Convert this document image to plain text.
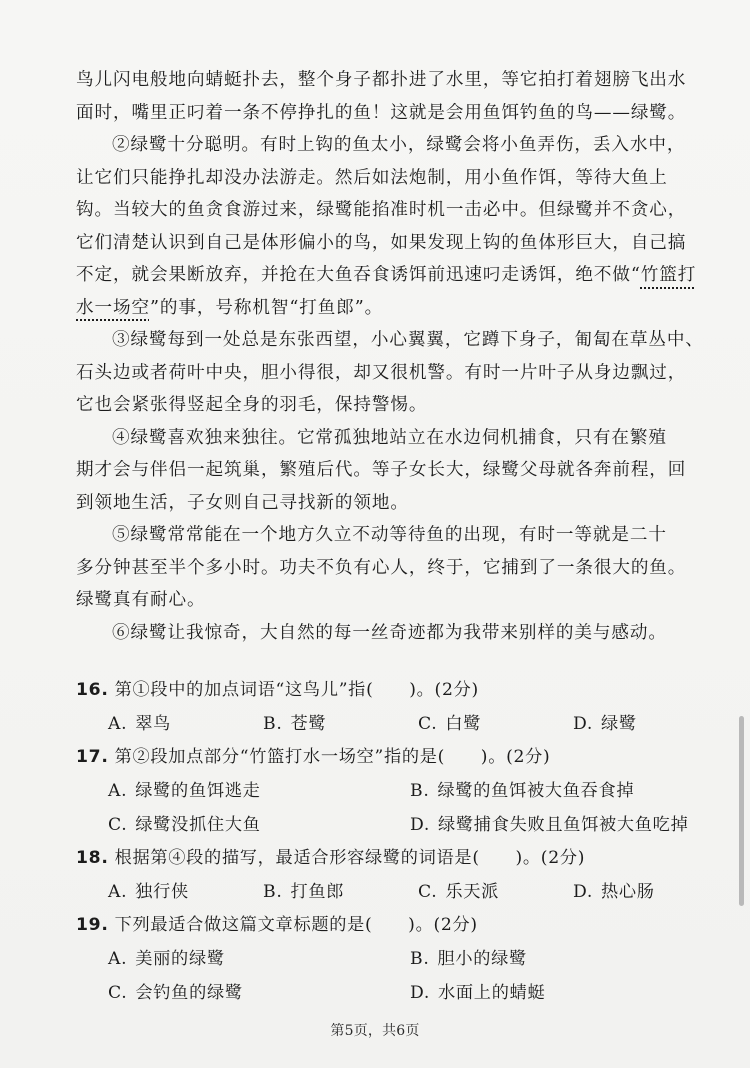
鸟儿闪电般地向蜻蜓扑去，整个身子都扑进了水里，等它拍打着翅膀飞出水
面时，嘴里正叼着一条不停挣扎的鱼！这就是会用鱼饵钓鱼的鸟——绿鹭。
②绿鹭十分聪明。有时上钩的鱼太小，绿鹭会将小鱼弄伤，丢入水中，
让它们只能挣扎却没办法游走。然后如法炮制，用小鱼作饵，等待大鱼上
钩。当较大的鱼贪食游过来，绿鹭能掐准时机一击必中。但绿鹭并不贪心，
它们清楚认识到自己是体形偏小的鸟，如果发现上钩的鱼体形巨大，自己搞
不定，就会果断放弃，并抢在大鱼吞食诱饵前迅速叼走诱饵，绝不做“竹篮打
水一场空”的事，号称机智“打鱼郎”。
③绿鹭每到一处总是东张西望，小心翼翼，它蹲下身子，匍匐在草丛中、
石头边或者荷叶中央，胆小得很，却又很机警。有时一片叶子从身边飘过，
它也会紧张得竖起全身的羽毛，保持警惕。
④绿鹭喜欢独来独往。它常孤独地站立在水边伺机捕食，只有在繁殖
期才会与伴侣一起筑巢，繁殖后代。等子女长大，绿鹭父母就各奔前程，回
到领地生活，子女则自己寻找新的领地。
⑤绿鹭常常能在一个地方久立不动等待鱼的出现，有时一等就是二十
多分钟甚至半个多小时。功夫不负有心人，终于，它捕到了一条很大的鱼。
绿鹭真有耐心。
⑥绿鹭让我惊奇，大自然的每一丝奇迹都为我带来别样的美与感动。
16. 第①段中的加点词语“这鸟儿”指(　　)。(2分)
A. 翠鸟	B. 苍鹭	C. 白鹭	D. 绿鹭
17. 第②段加点部分“竹篮打水一场空”指的是(　　)。(2分)
A. 绿鹭的鱼饵逃走	B. 绿鹭的鱼饵被大鱼吞食掉
C. 绿鹭没抓住大鱼	D. 绿鹭捕食失败且鱼饵被大鱼吃掉
18. 根据第④段的描写，最适合形容绿鹭的词语是(　　)。(2分)
A. 独行侠	B. 打鱼郎	C. 乐天派	D. 热心肠
19. 下列最适合做这篇文章标题的是(　　)。(2分)
A. 美丽的绿鹭	B. 胆小的绿鹭
C. 会钓鱼的绿鹭	D. 水面上的蜻蜓
第5页，共6页
